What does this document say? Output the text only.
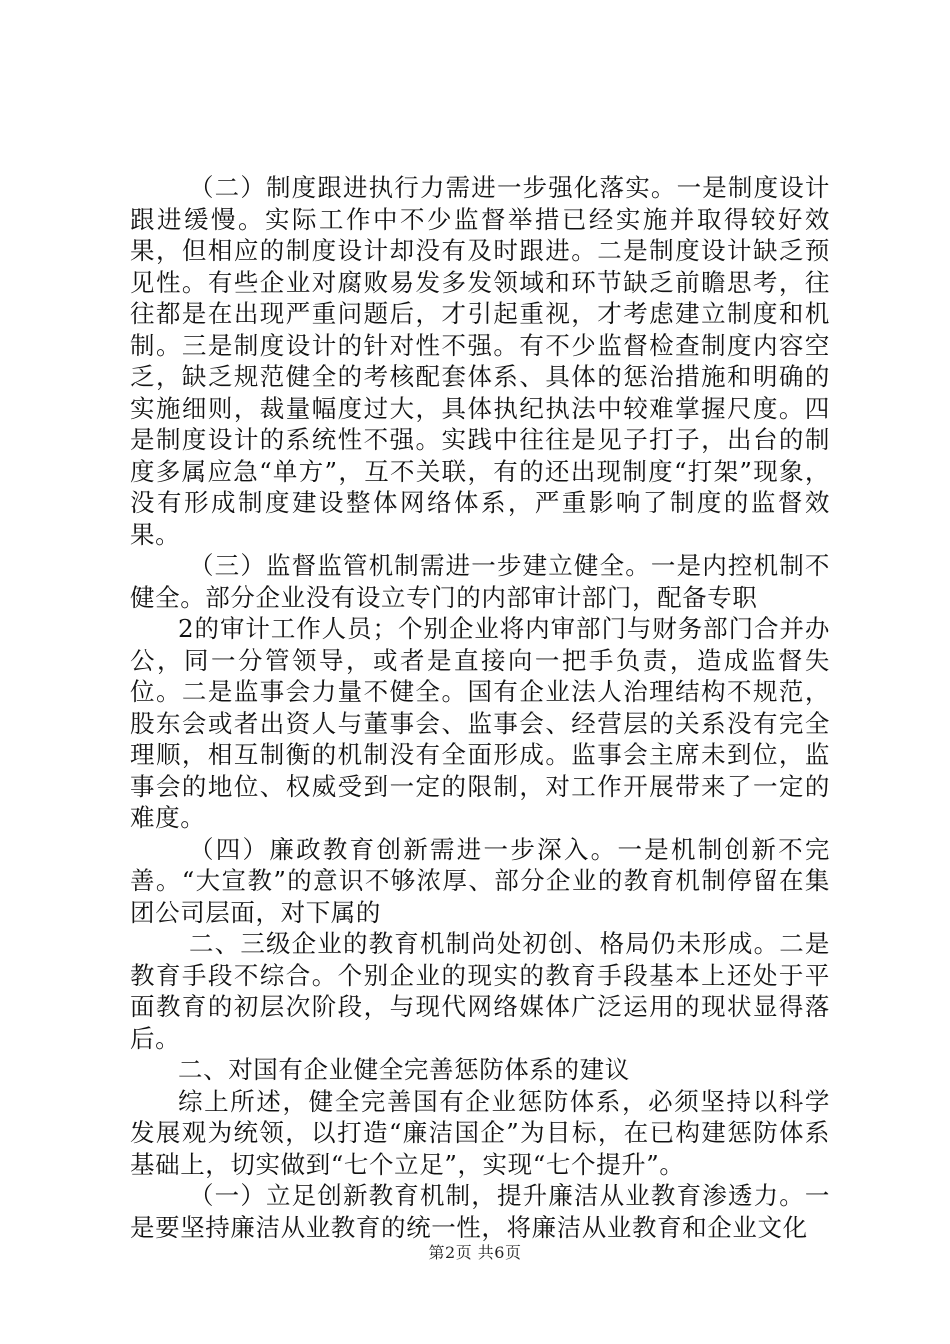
（二）制度跟进执行力需进一步强化落实。一是制度设计跟进缓慢。实际工作中不少监督举措已经实施并取得较好效果，但相应的制度设计却没有及时跟进。二是制度设计缺乏预见性。有些企业对腐败易发多发领域和环节缺乏前瞻思考，往往都是在出现严重问题后，才引起重视，才考虑建立制度和机制。三是制度设计的针对性不强。有不少监督检查制度内容空乏，缺乏规范健全的考核配套体系、具体的惩治措施和明确的实施细则，裁量幅度过大，具体执纪执法中较难掌握尺度。四是制度设计的系统性不强。实践中往往是见子打子，出台的制度多属应急“单方”，互不关联，有的还出现制度“打架”现象，没有形成制度建设整体网络体系，严重影响了制度的监督效果。

（三）监督监管机制需进一步建立健全。一是内控机制不健全。部分企业没有设立专门的内部审计部门，配备专职

2的审计工作人员；个别企业将内审部门与财务部门合并办公，同一分管领导，或者是直接向一把手负责，造成监督失位。二是监事会力量不健全。国有企业法人治理结构不规范，股东会或者出资人与董事会、监事会、经营层的关系没有完全理顺，相互制衡的机制没有全面形成。监事会主席未到位，监事会的地位、权威受到一定的限制，对工作开展带来了一定的难度。

（四）廉政教育创新需进一步深入。一是机制创新不完善。“大宣教”的意识不够浓厚、部分企业的教育机制停留在集团公司层面，对下属的

二、三级企业的教育机制尚处初创、格局仍未形成。二是教育手段不综合。个别企业的现实的教育手段基本上还处于平面教育的初层次阶段，与现代网络媒体广泛运用的现状显得落后。

二、对国有企业健全完善惩防体系的建议

综上所述，健全完善国有企业惩防体系，必须坚持以科学发展观为统领，以打造“廉洁国企”为目标，在已构建惩防体系基础上，切实做到“七个立足”，实现“七个提升”。

（一）立足创新教育机制，提升廉洁从业教育渗透力。一是要坚持廉洁从业教育的统一性，将廉洁从业教育和企业文化

第2页 共6页
